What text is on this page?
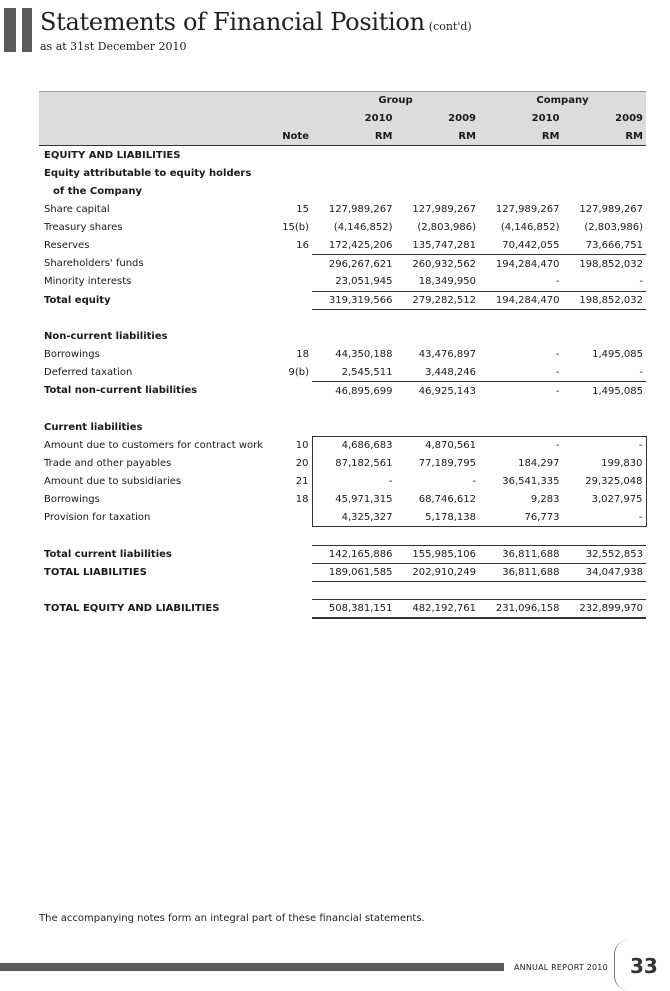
Statements of Financial Position (cont'd)
as at 31st December 2010
		Group		Company	
		2010	2009	2010	2009
	Note	RM	RM	RM	RM
EQUITY AND LIABILITIES					
Equity attributable to equity holders					
of the Company					
Share capital	15	127,989,267	127,989,267	127,989,267	127,989,267
Treasury shares	15(b)	(4,146,852)	(2,803,986)	(4,146,852)	(2,803,986)
Reserves	16	172,425,206	135,747,281	70,442,055	73,666,751
Shareholders' funds		296,267,621	260,932,562	194,284,470	198,852,032
Minority interests		23,051,945	18,349,950	-	-
Total equity		319,319,566	279,282,512	194,284,470	198,852,032

Non-current liabilities					
Borrowings	18	44,350,188	43,476,897	-	1,495,085
Deferred taxation	9(b)	2,545,511	3,448,246	-	-
Total non-current liabilities		46,895,699	46,925,143	-	1,495,085

Current liabilities					
Amount due to customers for contract work	10	4,686,683	4,870,561	-	-
Trade and other payables	20	87,182,561	77,189,795	184,297	199,830
Amount due to subsidiaries	21	-	-	36,541,335	29,325,048
Borrowings	18	45,971,315	68,746,612	9,283	3,027,975
Provision for taxation		4,325,327	5,178,138	76,773	-

Total current liabilities		142,165,886	155,985,106	36,811,688	32,552,853
TOTAL LIABILITIES		189,061,585	202,910,249	36,811,688	34,047,938

TOTAL EQUITY AND LIABILITIES		508,381,151	482,192,761	231,096,158	232,899,970
The accompanying notes form an integral part of these financial statements.
ANNUAL REPORT 2010 33
